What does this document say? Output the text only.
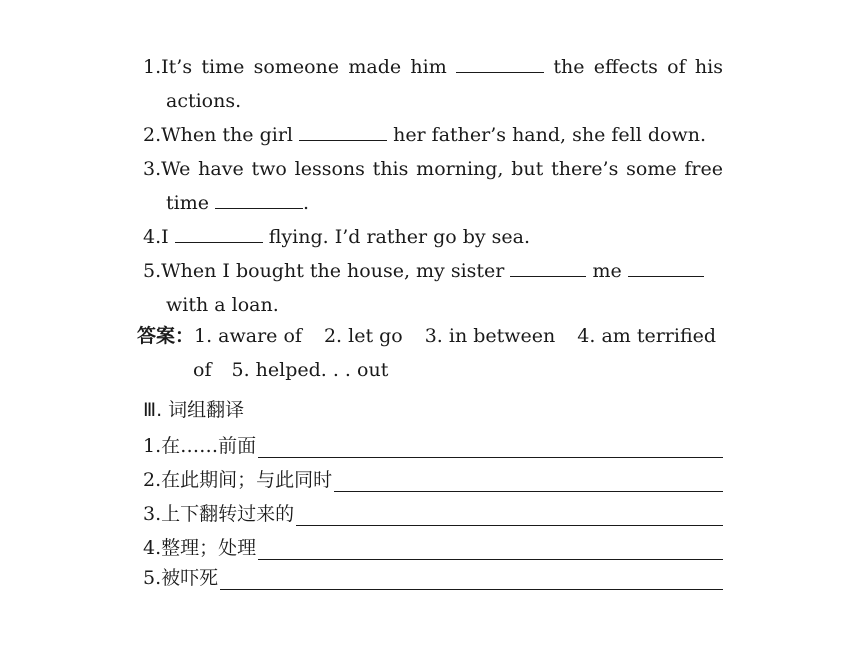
1.It’s time someone made him	the effects of his
actions.
2.When the girl	her father’s hand, she fell down.
3.We have two lessons this morning, but there’s some free
time	.
4.I	flying. I’d rather go by sea.
5.When I bought the house, my sister	me
with a loan.
答案：1. aware of 2. let go 3. in between 4. am terrified
of 5. helped. . . out
Ⅲ. 词组翻译
1. 在……前面
2. 在此期间；与此同时
3. 上下翻转过来的
4. 整理；处理
5. 被吓死
